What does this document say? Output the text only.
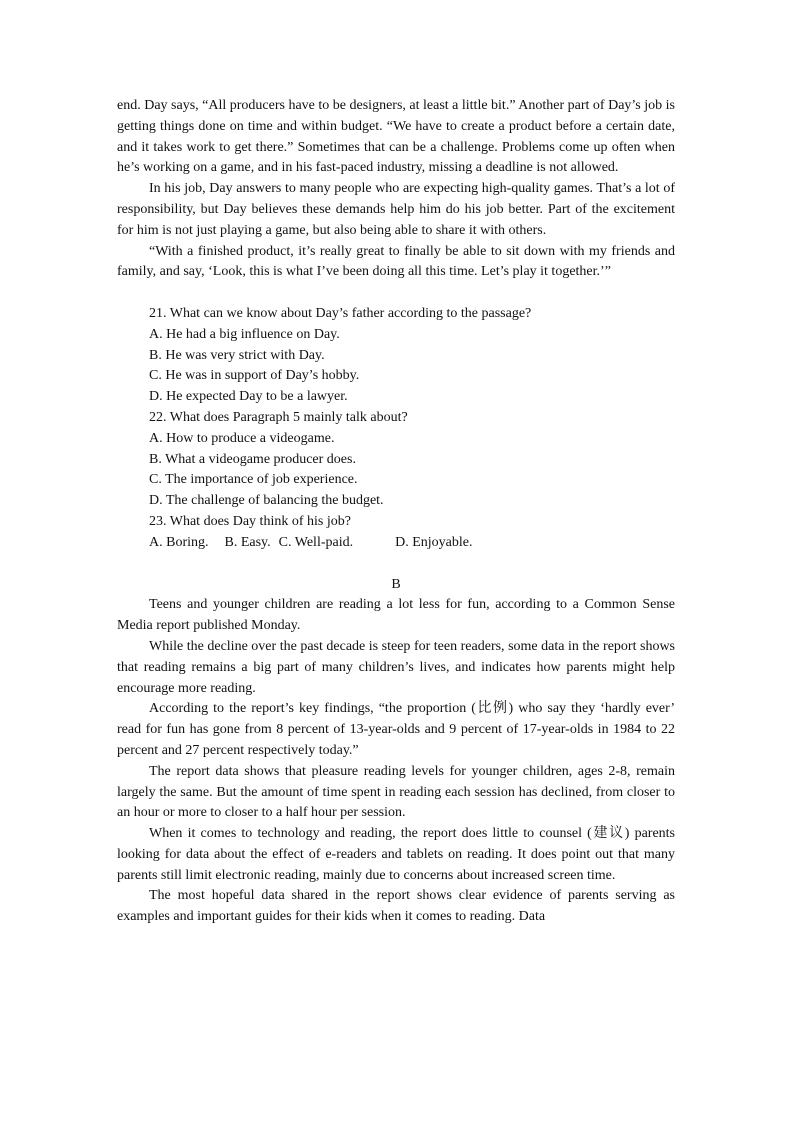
end. Day says, “All producers have to be designers, at least a little bit.” Another part of Day’s job is getting things done on time and within budget. “We have to create a product before a certain date, and it takes work to get there.” Sometimes that can be a challenge. Problems come up often when he’s working on a game, and in his fast-paced industry, missing a deadline is not allowed.

In his job, Day answers to many people who are expecting high-quality games. That’s a lot of responsibility, but Day believes these demands help him do his job better. Part of the excitement for him is not just playing a game, but also being able to share it with others.

“With a finished product, it’s really great to finally be able to sit down with my friends and family, and say, ‘Look, this is what I’ve been doing all this time. Let’s play it together.’”

21. What can we know about Day’s father according to the passage?

A. He had a big influence on Day.

B. He was very strict with Day.

C. He was in support of Day’s hobby.

D. He expected Day to be a lawyer.

22. What does Paragraph 5 mainly talk about?

A. How to produce a videogame.

B. What a videogame producer does.

C. The importance of job experience.

D. The challenge of balancing the budget.

23. What does Day think of his job?

A. Boring. B. Easy. C. Well-paid.	D. Enjoyable.

B

Teens and younger children are reading a lot less for fun, according to a Common Sense Media report published Monday.

While the decline over the past decade is steep for teen readers, some data in the report shows that reading remains a big part of many children’s lives, and indicates how parents might help encourage more reading.

According to the report’s key findings, “the proportion (比例) who say they ‘hardly ever’ read for fun has gone from 8 percent of 13-year-olds and 9 percent of 17-year-olds in 1984 to 22 percent and 27 percent respectively today.”

The report data shows that pleasure reading levels for younger children, ages 2-8, remain largely the same. But the amount of time spent in reading each session has declined, from closer to an hour or more to closer to a half hour per session.

When it comes to technology and reading, the report does little to counsel (建议) parents looking for data about the effect of e-readers and tablets on reading. It does point out that many parents still limit electronic reading, mainly due to concerns about increased screen time.

The most hopeful data shared in the report shows clear evidence of parents serving as examples and important guides for their kids when it comes to reading. Data
